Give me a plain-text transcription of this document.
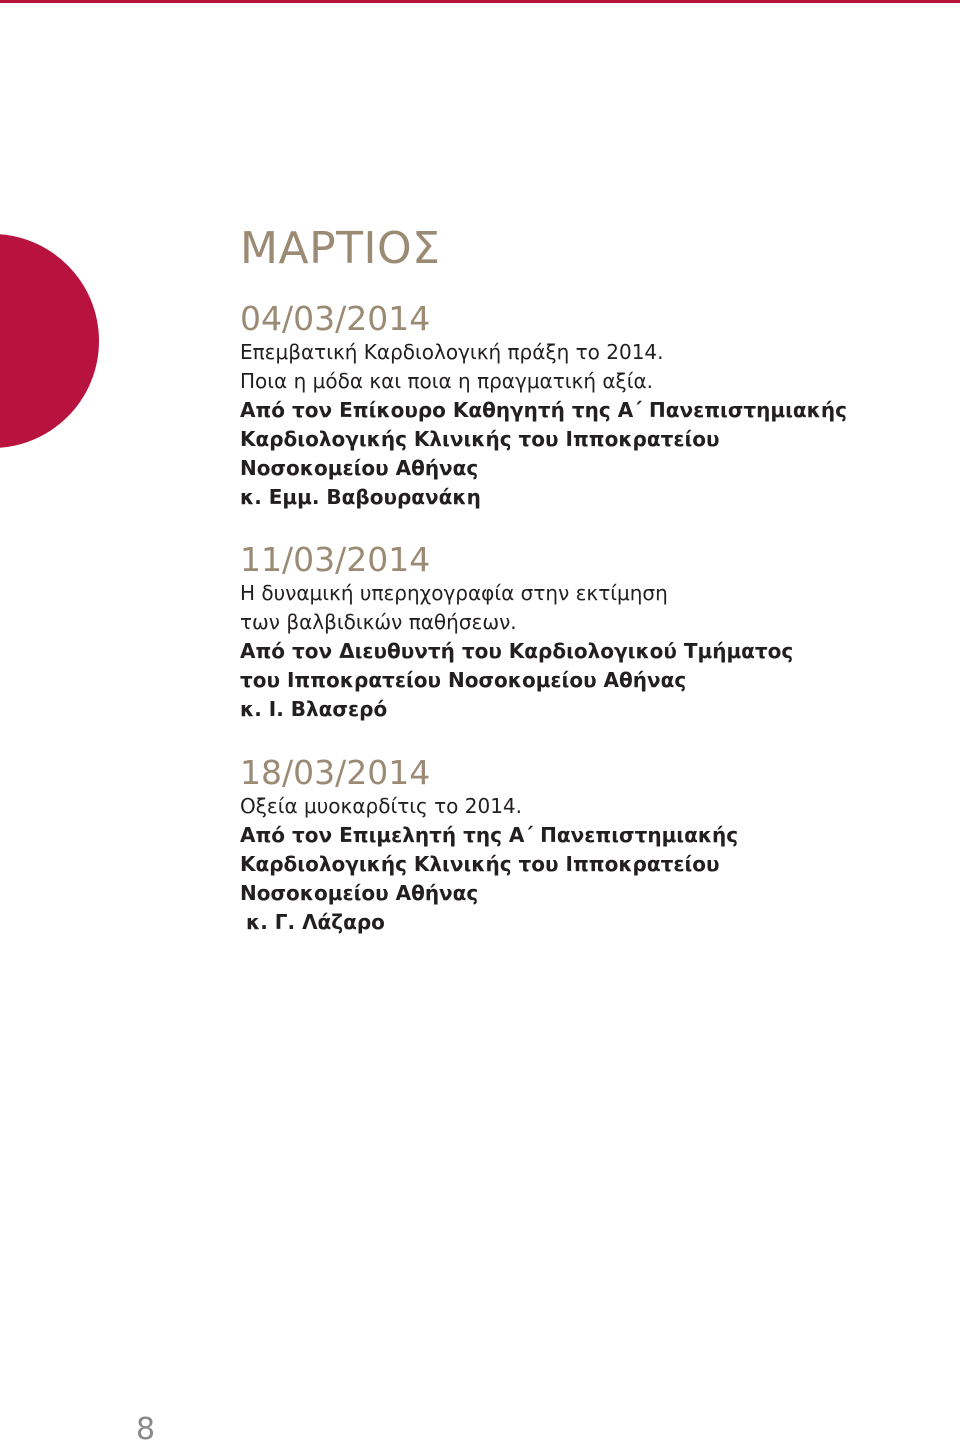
ΜΑΡΤΙΟΣ
04/03/2014
Επεμβατική Καρδιολογική πράξη το 2014.
Ποια η μόδα και ποια η πραγματική αξία.
Από τον Επίκουρο Καθηγητή της Α΄ Πανεπιστημιακής
Καρδιολογικής Κλινικής του Ιπποκρατείου
Νοσοκομείου Αθήνας
κ. Εμμ. Βαβουρανάκη
11/03/2014
Η δυναμική υπερηχογραφία στην εκτίμηση
των βαλβιδικών παθήσεων.
Από τον Διευθυντή του Καρδιολογικού Τμήματος
του Ιπποκρατείου Νοσοκομείου Αθήνας
κ. Ι. Βλασερό
18/03/2014
Οξεία μυοκαρδίτις το 2014.
Από τον Επιμελητή της Α΄ Πανεπιστημιακής
Καρδιολογικής Κλινικής του Ιπποκρατείου
Νοσοκομείου Αθήνας
κ. Γ. Λάζαρο
8
